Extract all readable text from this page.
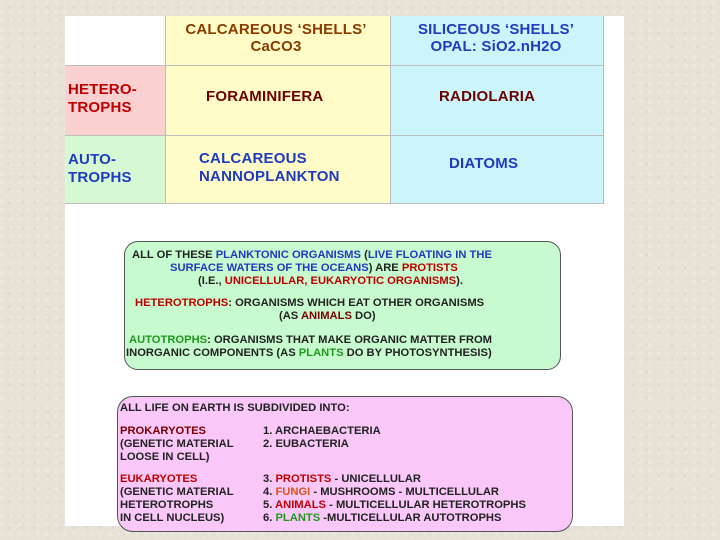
CALCAREOUS ‘SHELLS’
CaCO3
SILICEOUS ‘SHELLS’
OPAL: SiO2.nH2O
HETERO-
TROPHS
FORAMINIFERA	RADIOLARIA
AUTO-
TROPHS
CALCAREOUS
NANNOPLANKTON
DIATOMS
ALL OF THESE PLANKTONIC ORGANISMS (LIVE FLOATING IN THE
SURFACE WATERS OF THE OCEANS) ARE PROTISTS
(I.E., UNICELLULAR, EUKARYOTIC ORGANISMS).
HETEROTROPHS: ORGANISMS WHICH EAT OTHER ORGANISMS
(AS ANIMALS DO)
AUTOTROPHS: ORGANISMS THAT MAKE ORGANIC MATTER FROM
INORGANIC COMPONENTS (AS PLANTS DO BY PHOTOSYNTHESIS)
ALL LIFE ON EARTH IS SUBDIVIDED INTO:
PROKARYOTES
(GENETIC MATERIAL
LOOSE IN CELL)
1. ARCHAEBACTERIA
2. EUBACTERIA
EUKARYOTES
(GENETIC MATERIAL
HETEROTROPHS
IN CELL NUCLEUS)
3. PROTISTS - UNICELLULAR
4. FUNGI - MUSHROOMS - MULTICELLULAR
5. ANIMALS - MULTICELLULAR HETEROTROPHS
6. PLANTS -MULTICELLULAR AUTOTROPHS
